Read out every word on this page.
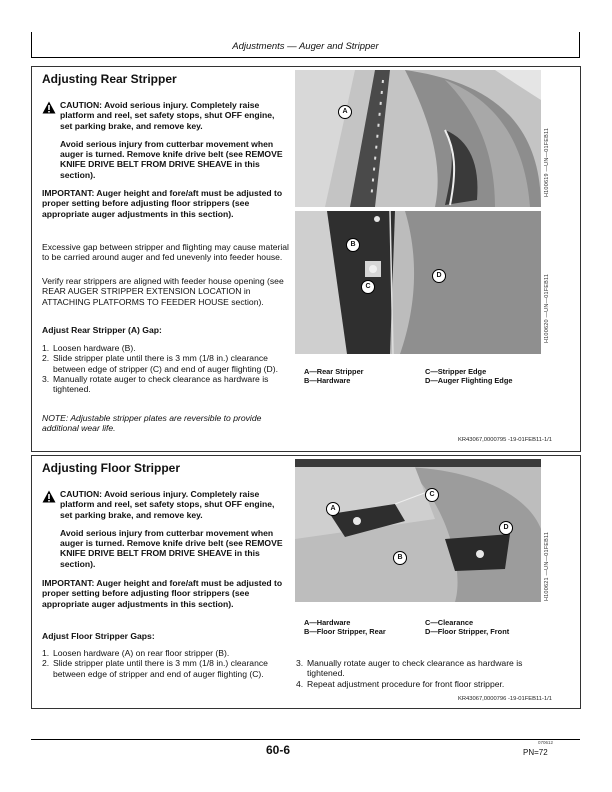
Adjustments — Auger and Stripper
Adjusting Rear Stripper
CAUTION: Avoid serious injury. Completely raise platform and reel, set safety stops, shut OFF engine, set parking brake, and remove key.
Avoid serious injury from cutterbar movement when auger is turned. Remove knife drive belt (see REMOVE KNIFE DRIVE BELT FROM DRIVE SHEAVE in this section).
IMPORTANT: Auger height and fore/aft must be adjusted to proper setting before adjusting floor strippers (see appropriate auger adjustments in this section).
Excessive gap between stripper and flighting may cause material to be carried around auger and fed unevenly into feeder house.
Verify rear strippers are aligned with feeder house opening (see REAR AUGER STRIPPER EXTENSION LOCATION in ATTACHING PLATFORMS TO FEEDER HOUSE section).
Adjust Rear Stripper (A) Gap:
1. Loosen hardware (B).
2. Slide stripper plate until there is 3 mm (1/8 in.) clearance between edge of stripper (C) and end of auger flighting (D).
3. Manually rotate auger to check clearance as hardware is tightened.
NOTE: Adjustable stripper plates are reversible to provide additional wear life.
A
B
C
D
H100619 —UN—01FEB11
H100620 —UN—01FEB11
A—Rear Stripper
B—Hardware
C—Stripper Edge
D—Auger Flighting Edge
KR43067,0000795 -19-01FEB11-1/1
Adjusting Floor Stripper
CAUTION: Avoid serious injury. Completely raise platform and reel, set safety stops, shut OFF engine, set parking brake, and remove key.
Avoid serious injury from cutterbar movement when auger is turned. Remove knife drive belt (see REMOVE KNIFE DRIVE BELT FROM DRIVE SHEAVE in this section).
IMPORTANT: Auger height and fore/aft must be adjusted to proper setting before adjusting floor strippers (see appropriate auger adjustments in this section).
Adjust Floor Stripper Gaps:
1. Loosen hardware (A) on rear floor stripper (B).
2. Slide stripper plate until there is 3 mm (1/8 in.) clearance between edge of stripper and end of auger flighting (C).
A
B
C
D
H100621 —UN—01FEB11
A—Hardware
B—Floor Stripper, Rear
C—Clearance
D—Floor Stripper, Front
3. Manually rotate auger to check clearance as hardware is tightened.
4. Repeat adjustment procedure for front floor stripper.
KR43067,0000796 -19-01FEB11-1/1
60-6
070612
PN=72
